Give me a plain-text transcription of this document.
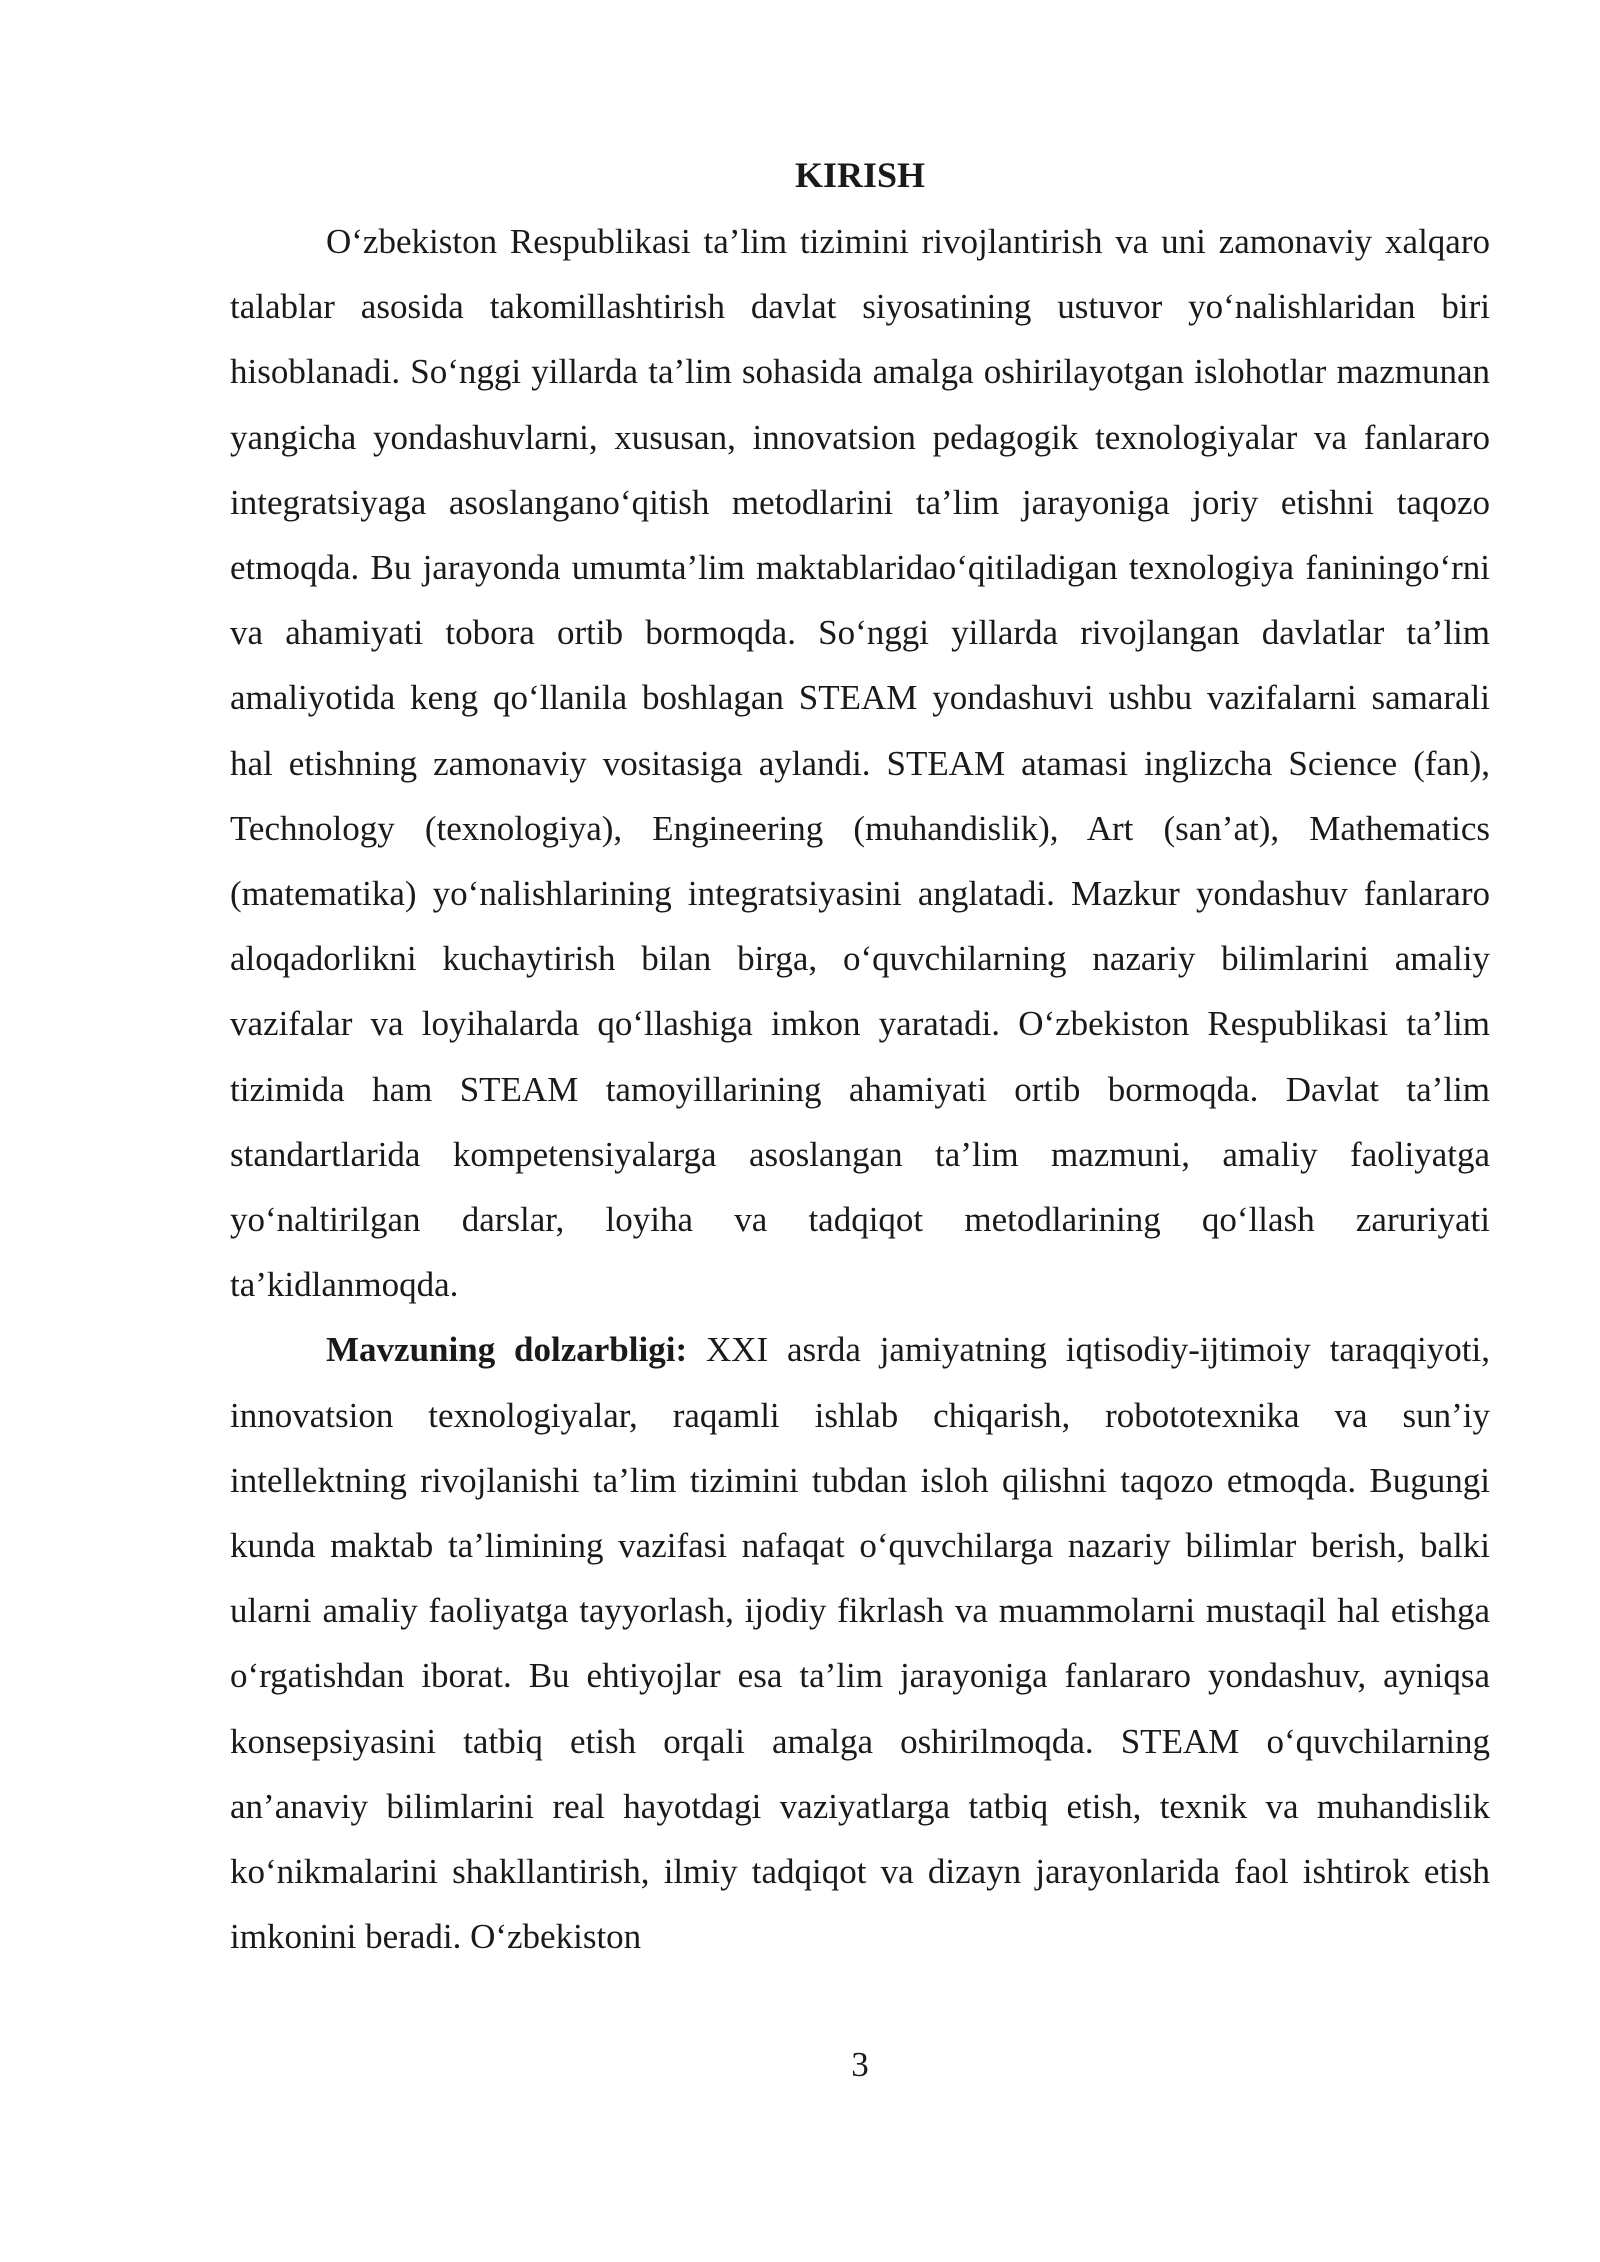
KIRISH

O‘zbekiston Respublikasi ta’lim tizimini rivojlantirish va uni zamonaviy xalqaro talablar asosida takomillashtirish davlat siyosatining ustuvor yo‘nalishlaridan biri hisoblanadi. So‘nggi yillarda ta’lim sohasida amalga oshirilayotgan islohotlar mazmunan yangicha yondashuvlarni, xususan, innovatsion pedagogik texnologiyalar va fanlararo integratsiyaga asoslangano‘qitish metodlarini ta’lim jarayoniga joriy etishni taqozo etmoqda. Bu jarayonda umumta’lim maktablaridao‘qitiladigan texnologiya faniningo‘rni va ahamiyati tobora ortib bormoqda. So‘nggi yillarda rivojlangan davlatlar ta’lim amaliyotida keng qo‘llanila boshlagan STEAM yondashuvi ushbu vazifalarni samarali hal etishning zamonaviy vositasiga aylandi. STEAM atamasi inglizcha Science (fan), Technology (texnologiya), Engineering (muhandislik), Art (san’at), Mathematics (matematika) yo‘nalishlarining integratsiyasini anglatadi. Mazkur yondashuv fanlararo aloqadorlikni kuchaytirish bilan birga, o‘quvchilarning nazariy bilimlarini amaliy vazifalar va loyihalarda qo‘llashiga imkon yaratadi. O‘zbekiston Respublikasi ta’lim tizimida ham STEAM tamoyillarining ahamiyati ortib bormoqda. Davlat ta’lim standartlarida kompetensiyalarga asoslangan ta’lim mazmuni, amaliy faoliyatga yo‘naltirilgan darslar, loyiha va tadqiqot metodlarining qo‘llash zaruriyati ta’kidlanmoqda.

Mavzuning dolzarbligi: XXI asrda jamiyatning iqtisodiy-ijtimoiy taraqqiyoti, innovatsion texnologiyalar, raqamli ishlab chiqarish, robototexnika va sun’iy intellektning rivojlanishi ta’lim tizimini tubdan isloh qilishni taqozo etmoqda. Bugungi kunda maktab ta’limining vazifasi nafaqat o‘quvchilarga nazariy bilimlar berish, balki ularni amaliy faoliyatga tayyorlash, ijodiy fikrlash va muammolarni mustaqil hal etishga o‘rgatishdan iborat. Bu ehtiyojlar esa ta’lim jarayoniga fanlararo yondashuv, ayniqsa konsepsiyasini tatbiq etish orqali amalga oshirilmoqda. STEAM o‘quvchilarning an’anaviy bilimlarini real hayotdagi vaziyatlarga tatbiq etish, texnik va muhandislik ko‘nikmalarini shakllantirish, ilmiy tadqiqot va dizayn jarayonlarida faol ishtirok etish imkonini beradi. O‘zbekiston

3
